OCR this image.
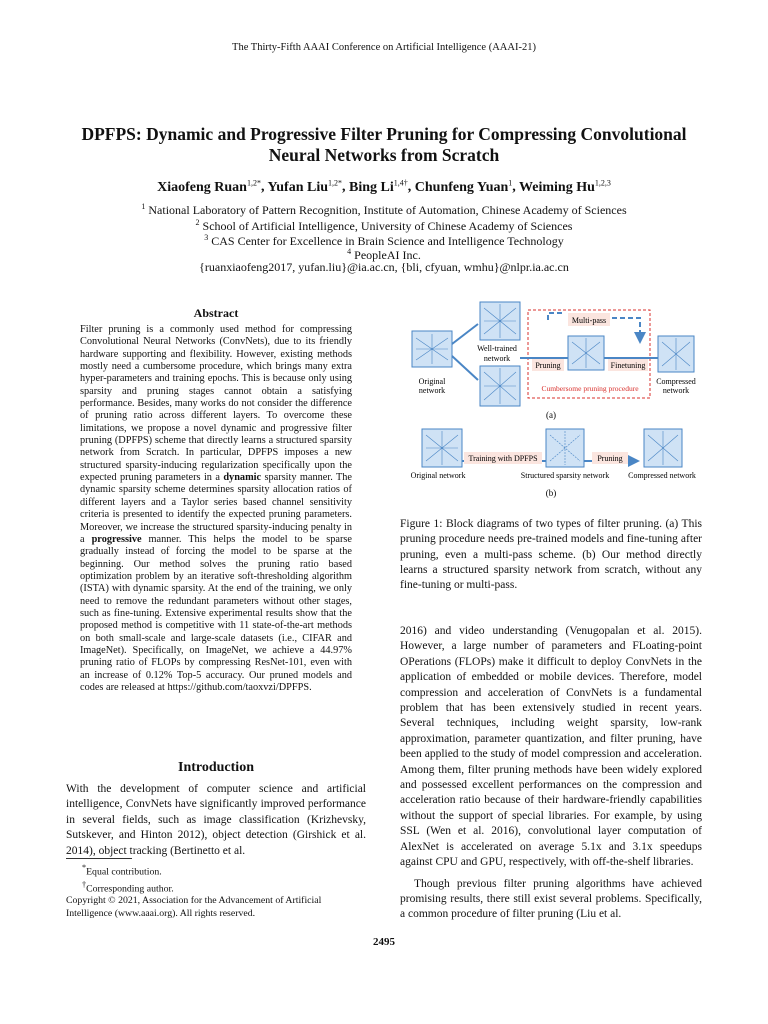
The Thirty-Fifth AAAI Conference on Artificial Intelligence (AAAI-21)
DPFPS: Dynamic and Progressive Filter Pruning for Compressing Convolutional
Neural Networks from Scratch
Xiaofeng Ruan$^{1,2*}$, Yufan Liu$^{1,2*}$, Bing $Li^{1,4\dagger}$, Chunfeng Yuan$^1$, Weiming Hu$^{1,2,3}$
$^1$ National Laboratory of Pattern Recognition, Institute of Automation, Chinese Academy of Sciences
$^2$ School of Artificial Intelligence, University of Chinese Academy of Sciences
$^3$ CAS Center for Excellence in Brain Science and Intelligence Technology
$^4$ PeopleAI Inc.
{ruanxiaofeng2017, yufan.liu}@ia.ac.cn, {bli, cfyuan, wmhu}@nlpr.ia.ac.cn
Abstract

Filter pruning is a commonly used method for compressing Convolutional Neural Networks (ConvNets), due to its friendly hardware supporting and flexibility. However, existing methods mostly need a cumbersome procedure, which brings many extra hyper-parameters and training epochs. This is because only using sparsity and pruning stages cannot obtain a satisfying performance. Besides, many works do not consider the difference of pruning ratio across different layers. To overcome these limitations, we propose a novel dynamic and progressive filter pruning (DPFPS) scheme that directly learns a structured sparsity network from Scratch. In particular, DPFPS imposes a new structured sparsity-inducing regularization specifically upon the expected pruning parameters in a dynamic sparsity manner. The dynamic sparsity scheme determines sparsity allocation ratios of different layers and a Taylor series based channel sensitivity criteria is presented to identify the expected pruning parameters. Moreover, we increase the structured sparsity-inducing penalty in a progressive manner. This helps the model to be sparse gradually instead of forcing the model to be sparse at the beginning. Our method solves the pruning ratio based optimization problem by an iterative soft-thresholding algorithm (ISTA) with dynamic sparsity. At the end of the training, we only need to remove the redundant parameters without other stages, such as fine-tuning. Extensive experimental results show that the proposed method is competitive with 11 state-of-the-art methods on both small-scale and large-scale datasets (i.e., CIFAR and ImageNet). Specifically, on ImageNet, we achieve a 44.97% pruning ratio of FLOPs by compressing ResNet-101, even with an increase of 0.12% Top-5 accuracy. Our pruned models and codes are released at https://github.com/taoxvzi/DPFPS.

Introduction

With the development of computer science and artificial intelligence, ConvNets have significantly improved performance in several fields, such as image classification (Krizhevsky, Sutskever, and Hinton 2012), object detection (Girshick et al. 2014), object tracking (Bertinetto et al.

*Equal contribution.

†Corresponding author.

Copyright © 2021, Association for the Advancement of Artificial Intelligence (www.aaai.org). All rights reserved.

Multi-pass
Original
network
Well-trained
network
Pruning	Finetuning
Cumbersome pruning procedure
Compressed
network
(a)
Original network
Training with DPFPS
Structured sparsity network
Pruning
Compressed network
(b)
Figure 1: Block diagrams of two types of filter pruning. (a) This pruning procedure needs pre-trained models and fine-tuning after pruning, even a multi-pass scheme. (b) Our method directly learns a structured sparsity network from scratch, without any fine-tuning or multi-pass.

2016) and video understanding (Venugopalan et al. 2015). However, a large number of parameters and FLoating-point OPerations (FLOPs) make it difficult to deploy ConvNets in the application of embedded or mobile devices. Therefore, model compression and acceleration of ConvNets is a fundamental problem that has been extensively studied in recent years. Several techniques, including weight sparsity, low-rank approximation, parameter quantization, and filter pruning, have been applied to the study of model compression and acceleration. Among them, filter pruning methods have been widely explored and possessed excellent performances on the compression and acceleration ratio because of their hardware-friendly capabilities without the support of special libraries. For example, by using SSL (Wen et al. 2016), convolutional layer computation of AlexNet is accelerated on average 5.1x and 3.1x speedups against CPU and GPU, respectively, with off-the-shelf libraries.

Though previous filter pruning algorithms have achieved promising results, there still exist several problems. Specifically, a common procedure of filter pruning (Liu et al.

2495
